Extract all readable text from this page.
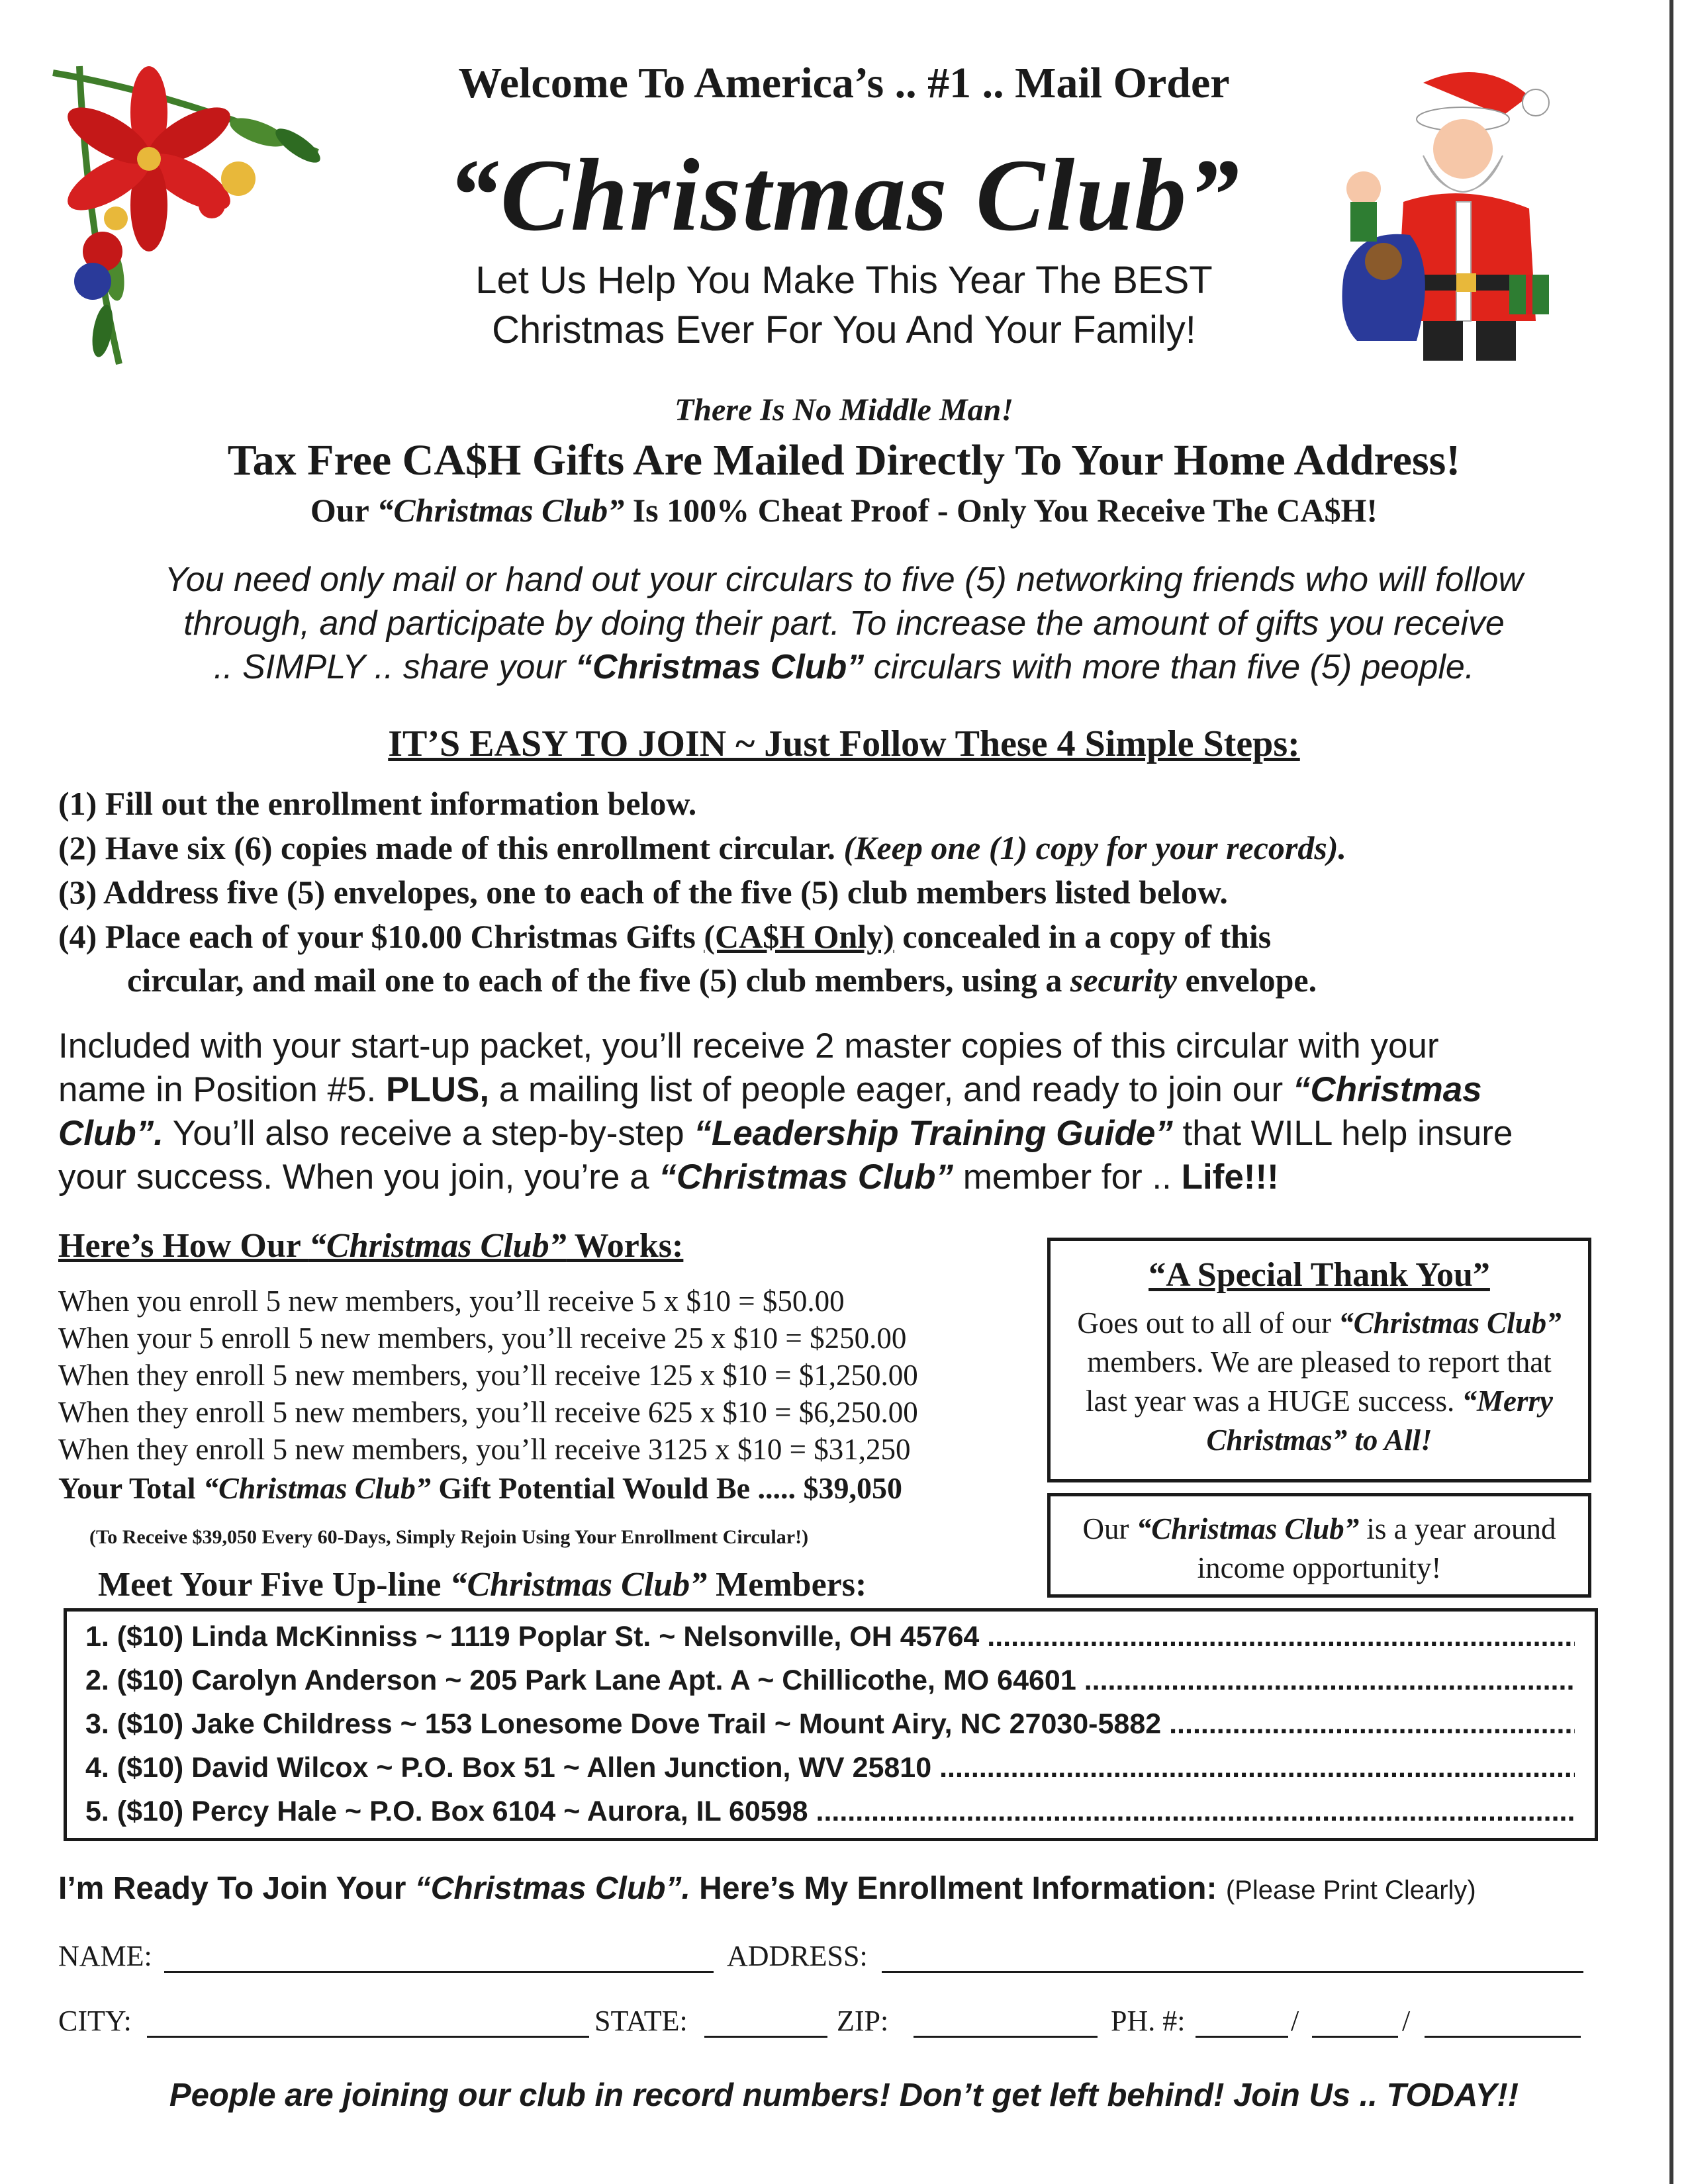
Welcome To America’s .. #1 .. Mail Order
“Christmas Club”
Let Us Help You Make This Year The BEST
Christmas Ever For You And Your Family!
There Is No Middle Man!
Tax Free CA$H Gifts Are Mailed Directly To Your Home Address!
Our “Christmas Club” Is 100% Cheat Proof - Only You Receive The CA$H!
You need only mail or hand out your circulars to five (5) networking friends who will follow
through, and participate by doing their part. To increase the amount of gifts you receive
.. SIMPLY .. share your “Christmas Club” circulars with more than five (5) people.
IT’S EASY TO JOIN ~ Just Follow These 4 Simple Steps:
(1) Fill out the enrollment information below.
(2) Have six (6) copies made of this enrollment circular. (Keep one (1) copy for your records).
(3) Address five (5) envelopes, one to each of the five (5) club members listed below.
(4) Place each of your $10.00 Christmas Gifts (CA$H Only) concealed in a copy of this
circular, and mail one to each of the five (5) club members, using a security envelope.
Included with your start-up packet, you’ll receive 2 master copies of this circular with your
name in Position #5. PLUS, a mailing list of people eager, and ready to join our “Christmas
Club”. You’ll also receive a step-by-step “Leadership Training Guide” that WILL help insure
your success. When you join, you’re a “Christmas Club” member for .. Life!!!
Here’s How Our “Christmas Club” Works:
When you enroll 5 new members, you’ll receive 5 x $10 = $50.00
When your 5 enroll 5 new members, you’ll receive 25 x $10 = $250.00
When they enroll 5 new members, you’ll receive 125 x $10 = $1,250.00
When they enroll 5 new members, you’ll receive 625 x $10 = $6,250.00
When they enroll 5 new members, you’ll receive 3125 x $10 = $31,250
Your Total “Christmas Club” Gift Potential Would Be ..... $39,050
(To Receive $39,050 Every 60-Days, Simply Rejoin Using Your Enrollment Circular!)
“A Special Thank You”
Goes out to all of our “Christmas Club” members. We are pleased to report that last year was a HUGE success. “Merry Christmas” to All!
Our “Christmas Club” is a year around income opportunity!
Meet Your Five Up-line “Christmas Club” Members:
1. ($10) Linda McKinniss ~ 1119 Poplar St. ~ Nelsonville, OH 45764 .....
2. ($10) Carolyn Anderson ~ 205 Park Lane Apt. A ~ Chillicothe, MO 64601 .....
3. ($10) Jake Childress ~ 153 Lonesome Dove Trail ~ Mount Airy, NC 27030-5882 .....
4. ($10) David Wilcox ~ P.O. Box 51 ~ Allen Junction, WV 25810 .....
5. ($10) Percy Hale ~ P.O. Box 6104 ~ Aurora, IL 60598 .....
I’m Ready To Join Your “Christmas Club”. Here’s My Enrollment Information: (Please Print Clearly)
NAME:	ADDRESS:
CITY:	STATE:	ZIP:	PH. #:	/	/
People are joining our club in record numbers! Don’t get left behind! Join Us .. TODAY!!
